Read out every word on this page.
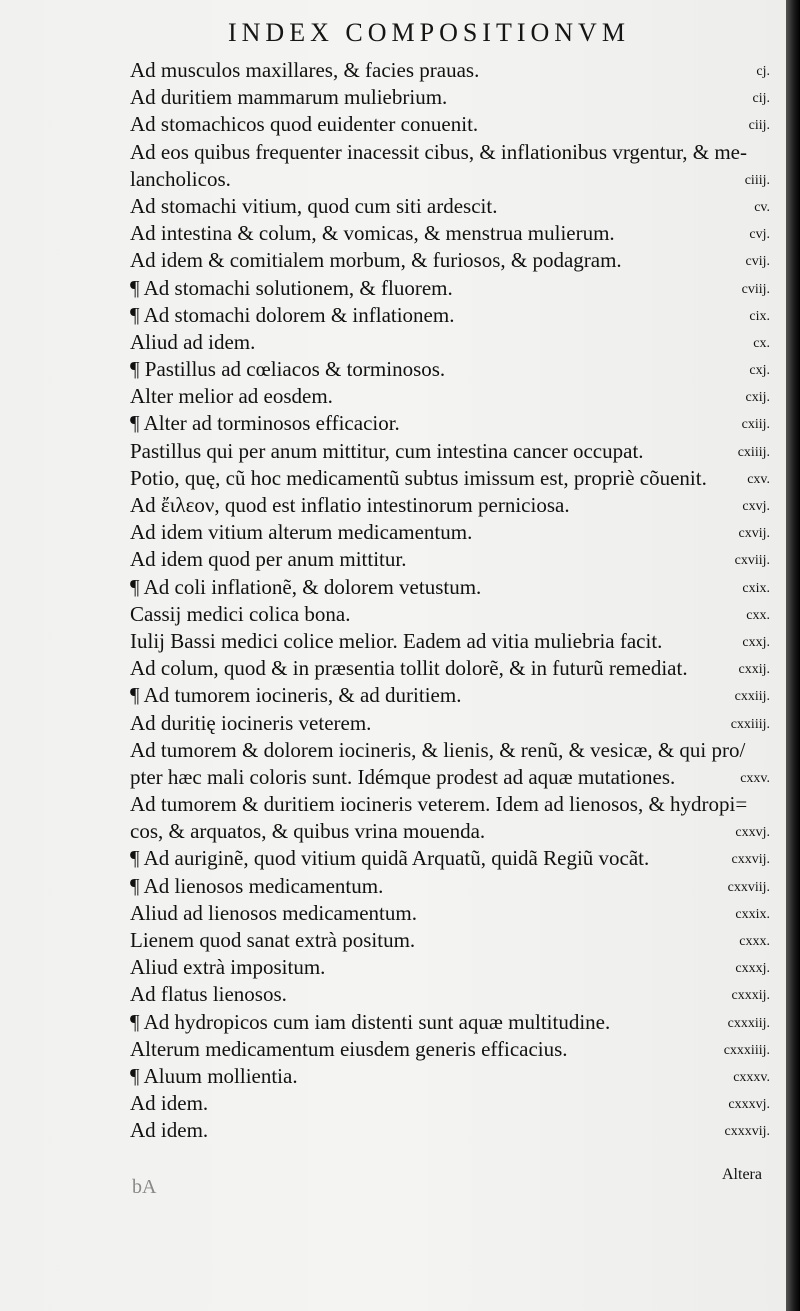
INDEX COMPOSITIONVM
Ad musculos maxillares, & facies prauas.	cj.
Ad duritiem mammarum muliebrium.	cij.
Ad stomachicos quod euidenter conuenit.	ciij.
Ad eos quibus frequenter inacessit cibus, & inflationibus vrgentur, & me-
lancholicos.	ciiij.
Ad stomachi vitium, quod cum siti ardescit.	cv.
Ad intestina & colum, & vomicas, & menstrua mulierum.	cvj.
Ad idem & comitialem morbum, & furiosos, & podagram.	cvij.
¶ Ad stomachi solutionem, & fluorem.	cviij.
¶ Ad stomachi dolorem & inflationem.	cix.
Aliud ad idem.	cx.
¶ Pastillus ad cœliacos & torminosos.	cxj.
Alter melior ad eosdem.	cxij.
¶ Alter ad torminosos efficacior.	cxiij.
Pastillus qui per anum mittitur, cum intestina cancer occupat.	cxiiij.
Potio, quę, cũ hoc medicamentũ subtus imissum est, propriè cõuenit.	cxv.
Ad ἔιλεον, quod est inflatio intestinorum perniciosa.	cxvj.
Ad idem vitium alterum medicamentum.	cxvij.
Ad idem quod per anum mittitur.	cxviij.
¶ Ad coli inflationẽ, & dolorem vetustum.	cxix.
Cassij medici colica bona.	cxx.
Iulij Bassi medici colice melior. Eadem ad vitia muliebria facit.	cxxj.
Ad colum, quod & in præsentia tollit dolorẽ, & in futurũ remediat.	cxxij.
¶ Ad tumorem iocineris, & ad duritiem.	cxxiij.
Ad duritię iocineris veterem.	cxxiiij.
Ad tumorem & dolorem iocineris, & lienis, & renũ, & vesicæ, & qui pro/
pter hæc mali coloris sunt. Idémque prodest ad aquæ mutationes.	cxxv.
Ad tumorem & duritiem iocineris veterem. Idem ad lienosos, & hydropi=
cos, & arquatos, & quibus vrina mouenda.	cxxvj.
¶ Ad auriginẽ, quod vitium quidã Arquatũ, quidã Regiũ vocãt.	cxxvij.
¶ Ad lienosos medicamentum.	cxxviij.
Aliud ad lienosos medicamentum.	cxxix.
Lienem quod sanat extrà positum.	cxxx.
Aliud extrà impositum.	cxxxj.
Ad flatus lienosos.	cxxxij.
¶ Ad hydropicos cum iam distenti sunt aquæ multitudine.	cxxxiij.
Alterum medicamentum eiusdem generis efficacius.	cxxxiiij.
¶ Aluum mollientia.	cxxxv.
Ad idem.	cxxxvj.
Ad idem.	cxxxvij.
bA
Altera
